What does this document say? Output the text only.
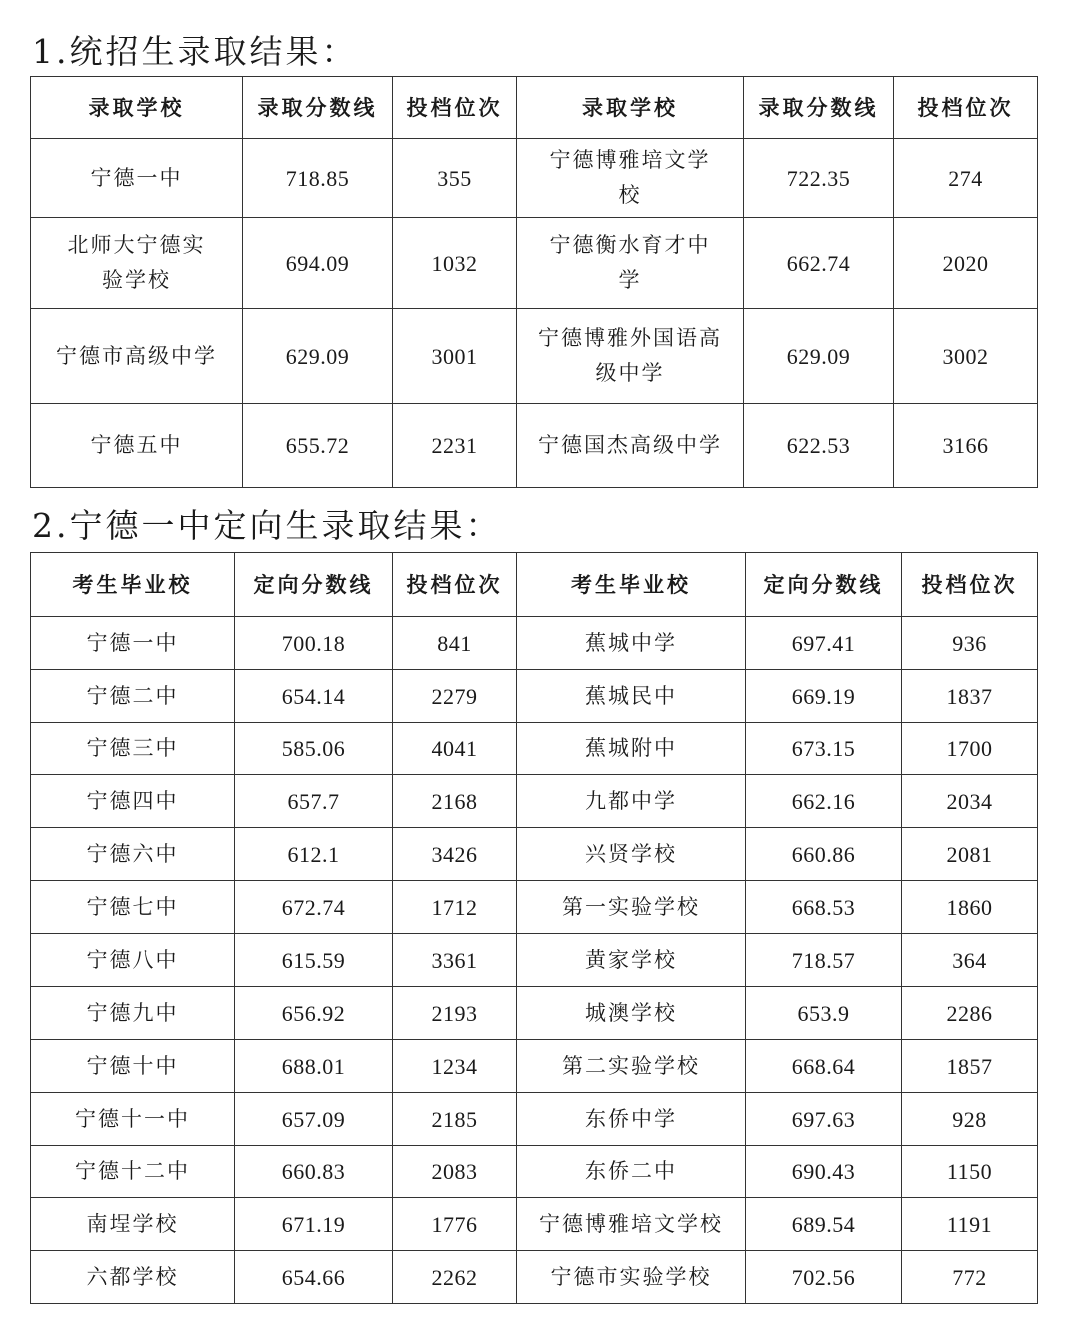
1.统招生录取结果：
录取学校	录取分数线	投档位次	录取学校	录取分数线	投档位次
宁德一中	718.85	355	宁德博雅培文学校	722.35	274
北师大宁德实验学校	694.09	1032	宁德衡水育才中学	662.74	2020
宁德市高级中学	629.09	3001	宁德博雅外国语高级中学	629.09	3002
宁德五中	655.72	2231	宁德国杰高级中学	622.53	3166
2.宁德一中定向生录取结果：
考生毕业校	定向分数线	投档位次	考生毕业校	定向分数线	投档位次
宁德一中	700.18	841	蕉城中学	697.41	936
宁德二中	654.14	2279	蕉城民中	669.19	1837
宁德三中	585.06	4041	蕉城附中	673.15	1700
宁德四中	657.7	2168	九都中学	662.16	2034
宁德六中	612.1	3426	兴贤学校	660.86	2081
宁德七中	672.74	1712	第一实验学校	668.53	1860
宁德八中	615.59	3361	黄家学校	718.57	364
宁德九中	656.92	2193	城澳学校	653.9	2286
宁德十中	688.01	1234	第二实验学校	668.64	1857
宁德十一中	657.09	2185	东侨中学	697.63	928
宁德十二中	660.83	2083	东侨二中	690.43	1150
南埕学校	671.19	1776	宁德博雅培文学校	689.54	1191
六都学校	654.66	2262	宁德市实验学校	702.56	772
